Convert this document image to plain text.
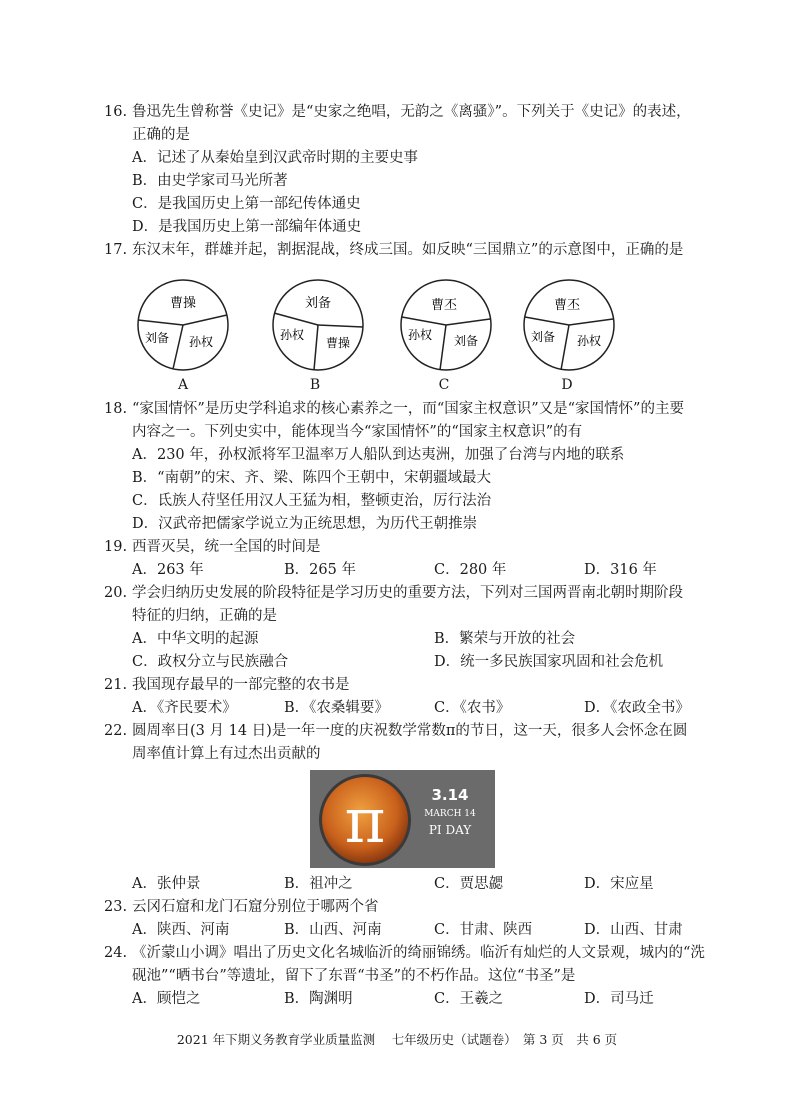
16. 鲁迅先生曾称誉《史记》是“史家之绝唱，无韵之《离骚》”。下列关于《史记》的表述，
正确的是
A．记述了从秦始皇到汉武帝时期的主要史事
B．由史学家司马光所著
C．是我国历史上第一部纪传体通史
D．是我国历史上第一部编年体通史
17. 东汉末年，群雄并起，割据混战，终成三国。如反映“三国鼎立”的示意图中，正确的是
曹操
刘备 孙权
A
刘备
孙权
曹操
B
曹丕
孙权 刘备
C
曹丕
刘备 孙权
D
18. “家国情怀”是历史学科追求的核心素养之一，而“国家主权意识”又是“家国情怀”的主要
内容之一。下列史实中，能体现当今“家国情怀”的“国家主权意识”的有
A．230 年，孙权派将军卫温率万人船队到达夷洲，加强了台湾与内地的联系
B．“南朝”的宋、齐、梁、陈四个王朝中，宋朝疆域最大
C．氐族人苻坚任用汉人王猛为相，整顿吏治，厉行法治
D．汉武帝把儒家学说立为正统思想，为历代王朝推崇
19. 西晋灭吴，统一全国的时间是
A．263 年	B．265 年	C．280 年	D．316 年
20. 学会归纳历史发展的阶段特征是学习历史的重要方法，下列对三国两晋南北朝时期阶段
特征的归纳，正确的是
A．中华文明的起源	B．繁荣与开放的社会
C．政权分立与民族融合	D．统一多民族国家巩固和社会危机
21. 我国现存最早的一部完整的农书是
A．《齐民要术》	B．《农桑辑要》	C．《农书》	D．《农政全书》
22. 圆周率日(3 月 14 日)是一年一度的庆祝数学常数π的节日，这一天，很多人会怀念在圆
周率值计算上有过杰出贡献的
π	3.14
MARCH 14
PI DAY
A．张仲景	B．祖冲之	C．贾思勰	D．宋应星
23. 云冈石窟和龙门石窟分别位于哪两个省
A．陕西、河南	B．山西、河南	C．甘肃、陕西	D．山西、甘肃
24. 《沂蒙山小调》唱出了历史文化名城临沂的绮丽锦绣。临沂有灿烂的人文景观，城内的“洗
砚池”“晒书台”等遗址，留下了东晋“书圣”的不朽作品。这位“书圣”是
A．顾恺之	B．陶渊明	C．王羲之	D．司马迁
2021 年下期义务教育学业质量监测　 七年级历史（试题卷）　第 3 页　共 6 页
